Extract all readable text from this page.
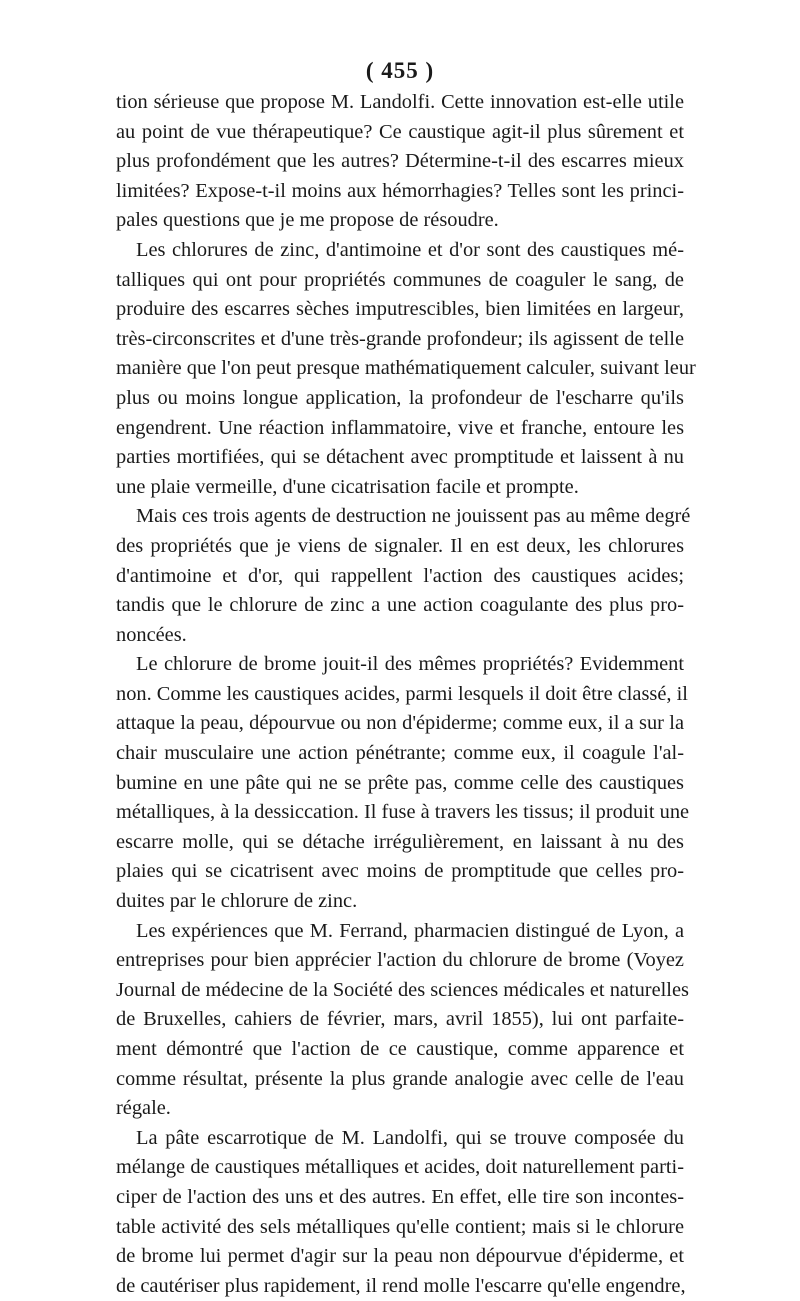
( 455 )
tion sérieuse que propose M. Landolfi. Cette innovation est-elle utile
au point de vue thérapeutique? Ce caustique agit-il plus sûrement et
plus profondément que les autres? Détermine-t-il des escarres mieux
limitées? Expose-t-il moins aux hémorrhagies? Telles sont les princi-
pales questions que je me propose de résoudre.
Les chlorures de zinc, d'antimoine et d'or sont des caustiques mé-
talliques qui ont pour propriétés communes de coaguler le sang, de
produire des escarres sèches imputrescibles, bien limitées en largeur,
très-circonscrites et d'une très-grande profondeur; ils agissent de telle
manière que l'on peut presque mathématiquement calculer, suivant leur
plus ou moins longue application, la profondeur de l'escharre qu'ils
engendrent. Une réaction inflammatoire, vive et franche, entoure les
parties mortifiées, qui se détachent avec promptitude et laissent à nu
une plaie vermeille, d'une cicatrisation facile et prompte.
Mais ces trois agents de destruction ne jouissent pas au même degré
des propriétés que je viens de signaler. Il en est deux, les chlorures
d'antimoine et d'or, qui rappellent l'action des caustiques acides;
tandis que le chlorure de zinc a une action coagulante des plus pro-
noncées.
Le chlorure de brome jouit-il des mêmes propriétés? Evidemment
non. Comme les caustiques acides, parmi lesquels il doit être classé, il
attaque la peau, dépourvue ou non d'épiderme; comme eux, il a sur la
chair musculaire une action pénétrante; comme eux, il coagule l'al-
bumine en une pâte qui ne se prête pas, comme celle des caustiques
métalliques, à la dessiccation. Il fuse à travers les tissus; il produit une
escarre molle, qui se détache irrégulièrement, en laissant à nu des
plaies qui se cicatrisent avec moins de promptitude que celles pro-
duites par le chlorure de zinc.
Les expériences que M. Ferrand, pharmacien distingué de Lyon, a
entreprises pour bien apprécier l'action du chlorure de brome (Voyez
Journal de médecine de la Société des sciences médicales et naturelles
de Bruxelles, cahiers de février, mars, avril 1855), lui ont parfaite-
ment démontré que l'action de ce caustique, comme apparence et
comme résultat, présente la plus grande analogie avec celle de l'eau
régale.
La pâte escarrotique de M. Landolfi, qui se trouve composée du
mélange de caustiques métalliques et acides, doit naturellement parti-
ciper de l'action des uns et des autres. En effet, elle tire son incontes-
table activité des sels métalliques qu'elle contient; mais si le chlorure
de brome lui permet d'agir sur la peau non dépourvue d'épiderme, et
de cautériser plus rapidement, il rend molle l'escarre qu'elle engendre,
